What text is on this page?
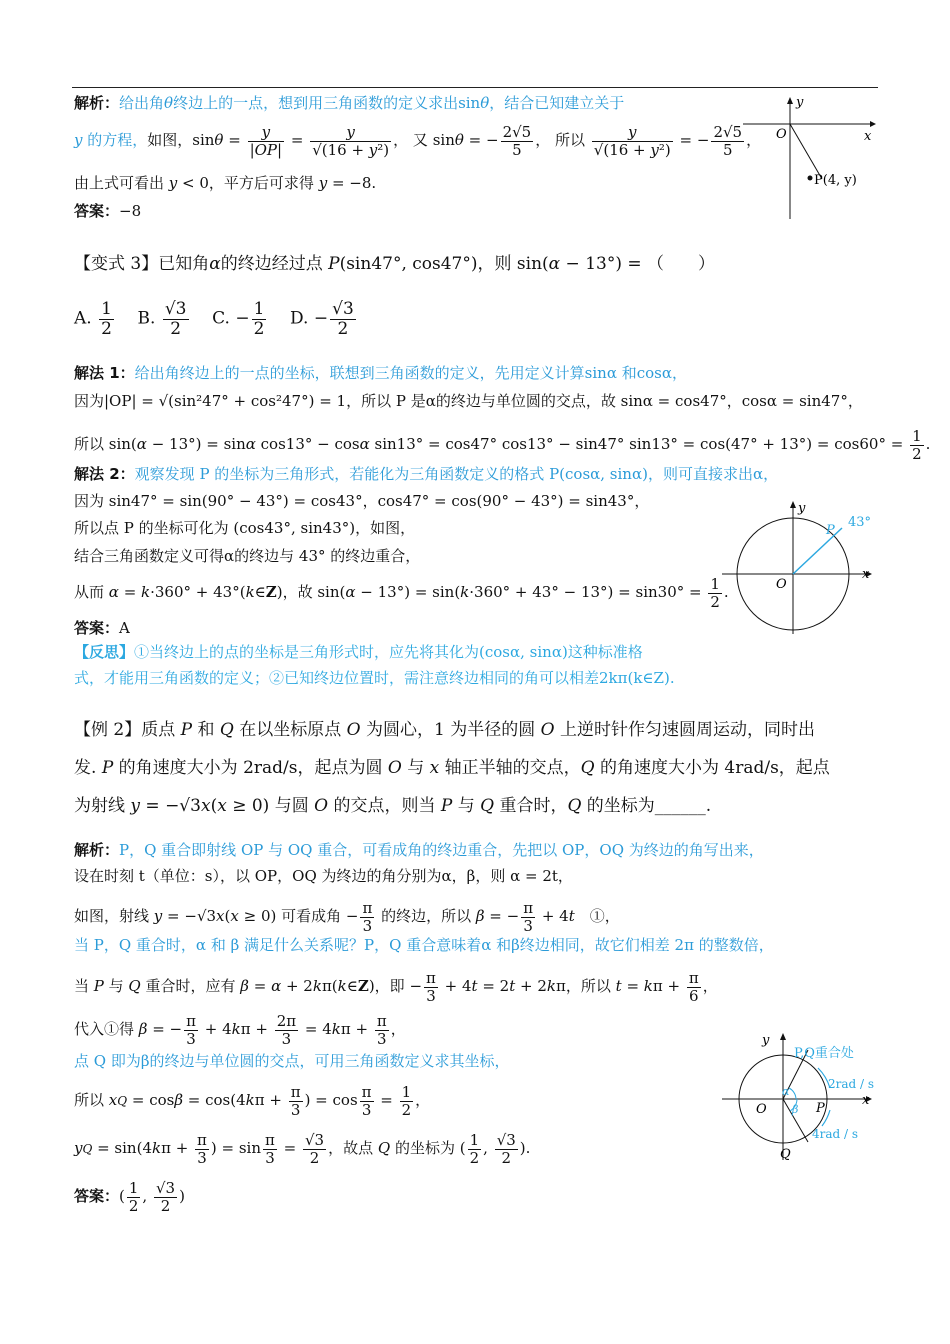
解析：给出角θ终边上的一点，想到用三角函数的定义求出sinθ，结合已知建立关于
y 的方程，如图，$\sin\theta = \frac{y}{|OP|} = \frac{y}{\text{√(16 + y²)}}$ ， 又 sinθ = − $\frac{2√5}{5}$ ， 所以 $\frac{y}{\text{√(16 + y²)}}$ = − $\frac{2√5}{5}$ ，
由上式可看出 y < 0，平方后可求得 y = −8.
答案：−8
y
x
O
P(4, y)
【变式 3】已知角α的终边经过点 P(sin47°, cos47°)，则 sin(α − 13°) = （　　）
A. $\frac{1}{2} B$. $\frac{√3}{2} C$. − $\frac{1}{2} D$. − $\frac{√3}{2}$
解法 1：给出角终边上的一点的坐标，联想到三角函数的定义，先用定义计算sinα 和cosα，
因为|OP| = √(sin²47° + cos²47°) = 1，所以 P 是α的终边与单位圆的交点，故 sinα = cos47°，cosα = sin47°，
所以 sin(α − 13°) = sinα cos13° − cosα sin13° = cos47° cos13° − sin47° $\sin 13^\circ = \cos(47^\circ + 13^\circ) = \cos 60^\circ = \frac{1}{2}$ .
解法 2：观察发现 P 的坐标为三角形式，若能化为三角函数定义的格式 P(cosα, sinα)，则可直接求出α，
因为 sin47° = sin(90° − 43°) = cos43°，cos47° = cos(90° − 43°) = sin43°，
所以点 P 的坐标可化为 (cos43°, sin43°)，如图，
结合三角函数定义可得α的终边与 43° 的终边重合，
从而 α = k·360° + 43°(k∈Z)，故 $\sin(\alpha - 13^\circ) = \sin(k\cdot 360^\circ + 43^\circ - 13^\circ) = \sin 30^\circ = \frac{1}{2}$ .
答案：A
【反思】①当终边上的点的坐标是三角形式时，应先将其化为(cosα, sinα)这种标准格
式，才能用三角函数的定义；②已知终边位置时，需注意终边相同的角可以相差2kπ(k∈Z).
y
x
O
P
43°
【例 2】质点 P 和 Q 在以坐标原点 O 为圆心，1 为半径的圆 O 上逆时针作匀速圆周运动，同时出
发. P 的角速度大小为 2rad/s，起点为圆 O 与 x 轴正半轴的交点，Q 的角速度大小为 4rad/s，起点
为射线 y = −√3x(x ≥ 0) 与圆 O 的交点，则当 P 与 Q 重合时，Q 的坐标为______.
解析：P，Q 重合即射线 OP 与 OQ 重合，可看成角的终边重合，先把以 OP，OQ 为终边的角写出来，
设在时刻 t（单位：s），以 OP，OQ 为终边的角分别为α，β，则 α = 2t，
如图，射线 y = −√3x(x ≥ 0) 可看成角 − $\frac{\pi}{3}$ 的终边，所以 β = − $\frac{\pi}{3} + 4t$　①，
当 P，Q 重合时，α 和 β 满足什么关系呢？P，Q 重合意味着α 和β终边相同，故它们相差 2π 的整数倍，
当 P 与 Q 重合时，应有 β = α + 2kπ(k∈Z)，即 − $\frac{\pi}{3} + 4t = 2t + 2k\pi$，所以 $t = k\pi + \frac{\pi}{6}$ ，
代入①得 β = − $\frac{\pi}{3} + 4k\pi + \frac{2\pi}{3} = 4k\pi + \frac{\pi}{3}$ ，
点 Q 即为β的终边与单位圆的交点，可用三角函数定义求其坐标，
所以 xQ = $\cos\beta = \cos(4k\pi + \frac{\pi}{3}$ ) = $\cos \frac{\pi}{3} = \frac{1}{2}$ ，
yQ = $\sin(4k\pi + \frac{\pi}{3}$ ) = $\sin \frac{\pi}{3} = \frac{√3}{2}$ ，故点 Q 的坐标为 ( $\frac{1}{2}$ , $\frac{√3}{2}$ ).
答案：( $\frac{1}{2}$ , $\frac{√3}{2}$ )
y
x
O	P
Q
P,Q重合处
2rad / s
4rad / s
α
β
